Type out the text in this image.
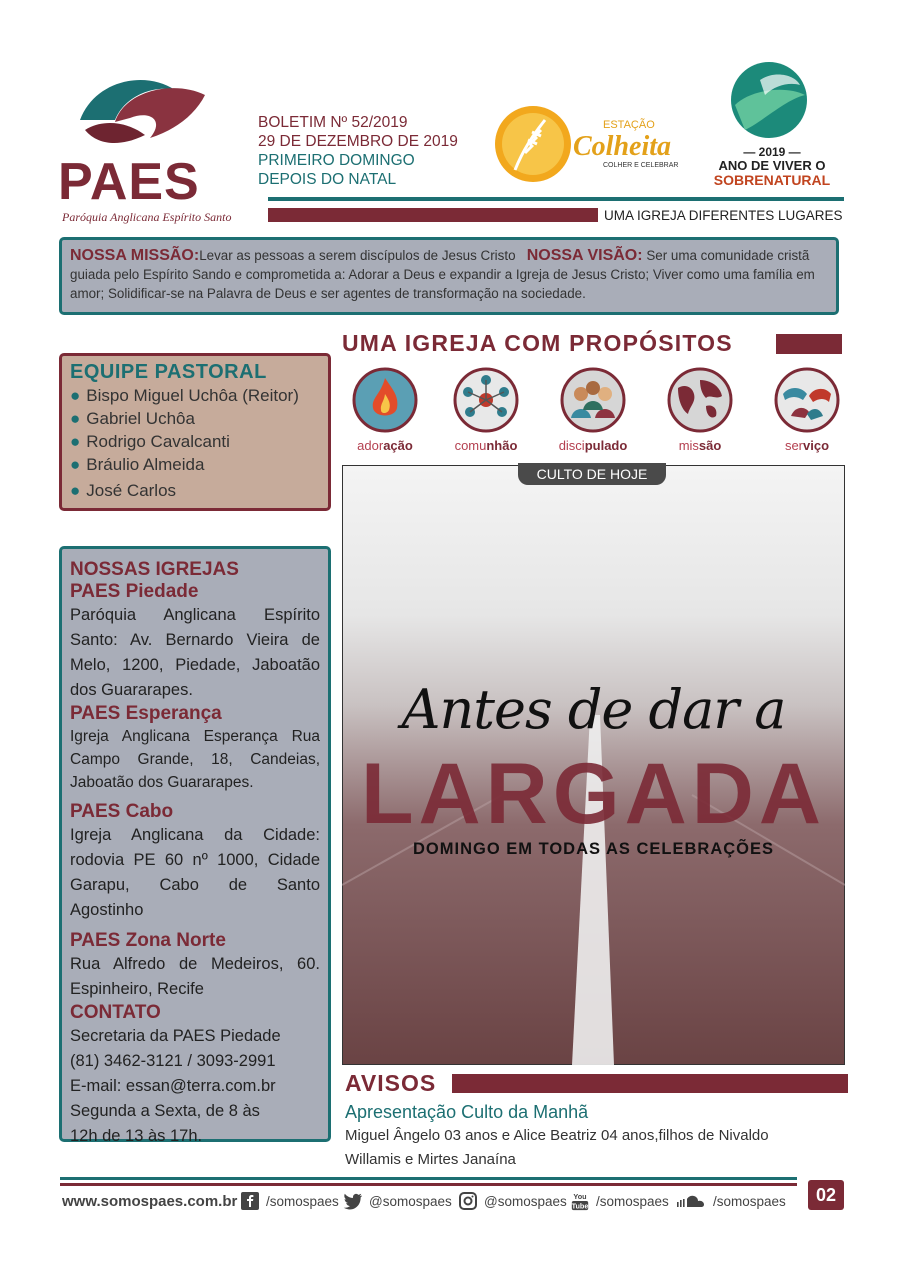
PAES
Paróquia Anglicana Espírito Santo
BOLETIM Nº 52/2019
29 DE DEZEMBRO DE 2019
PRIMEIRO DOMINGO
DEPOIS DO NATAL
ESTAÇÃO
Colheita
COLHER E CELEBRAR
— 2019 —
ANO DE VIVER O
SOBRENATURAL
UMA IGREJA DIFERENTES LUGARES
NOSSA MISSÃO:Levar as pessoas a serem discípulos de Jesus Cristo NOSSA VISÃO: Ser uma comunidade cristã guiada pelo Espírito Sando e comprometida a: Adorar a Deus e expandir a Igreja de Jesus Cristo; Viver como uma família em amor; Solidificar-se na Palavra de Deus e ser agentes de transformação na sociedade.
UMA IGREJA COM PROPÓSITOS
adoração	comunhão	discipulado	missão	serviço
EQUIPE PASTORAL
● Bispo Miguel Uchôa (Reitor)
● Gabriel Uchôa
● Rodrigo Cavalcanti
● Bráulio Almeida
● José Carlos
NOSSAS IGREJAS
PAES Piedade

Paróquia Anglicana Espírito Santo: Av. Bernardo Vieira de Melo, 1200, Piedade, Jaboatão dos Guararapes.

PAES Esperança

Igreja Anglicana Esperança Rua Campo Grande, 18, Candeias, Jaboatão dos Guararapes.

PAES Cabo

Igreja Anglicana da Cidade: rodovia PE 60 nº 1000, Cidade Garapu, Cabo de Santo Agostinho

PAES Zona Norte

Rua Alfredo de Medeiros, 60. Espinheiro, Recife

CONTATO

Secretaria da PAES Piedade

(81) 3462-3121 / 3093-2991

E-mail: essan@terra.com.br

Segunda a Sexta, de 8 às

12h de 13 às 17h.

CULTO DE HOJE
Antes de dar a
LARGADA
DOMINGO EM TODAS AS CELEBRAÇÕES
AVISOS
Apresentação Culto da Manhã
Miguel Ângelo 03 anos e Alice Beatriz 04 anos,filhos de Nivaldo Willamis e Mirtes Janaína
www.somospaes.com.br /somospaes @somospaes @somospaes You
Tube /somospaes	/somospaes	02
